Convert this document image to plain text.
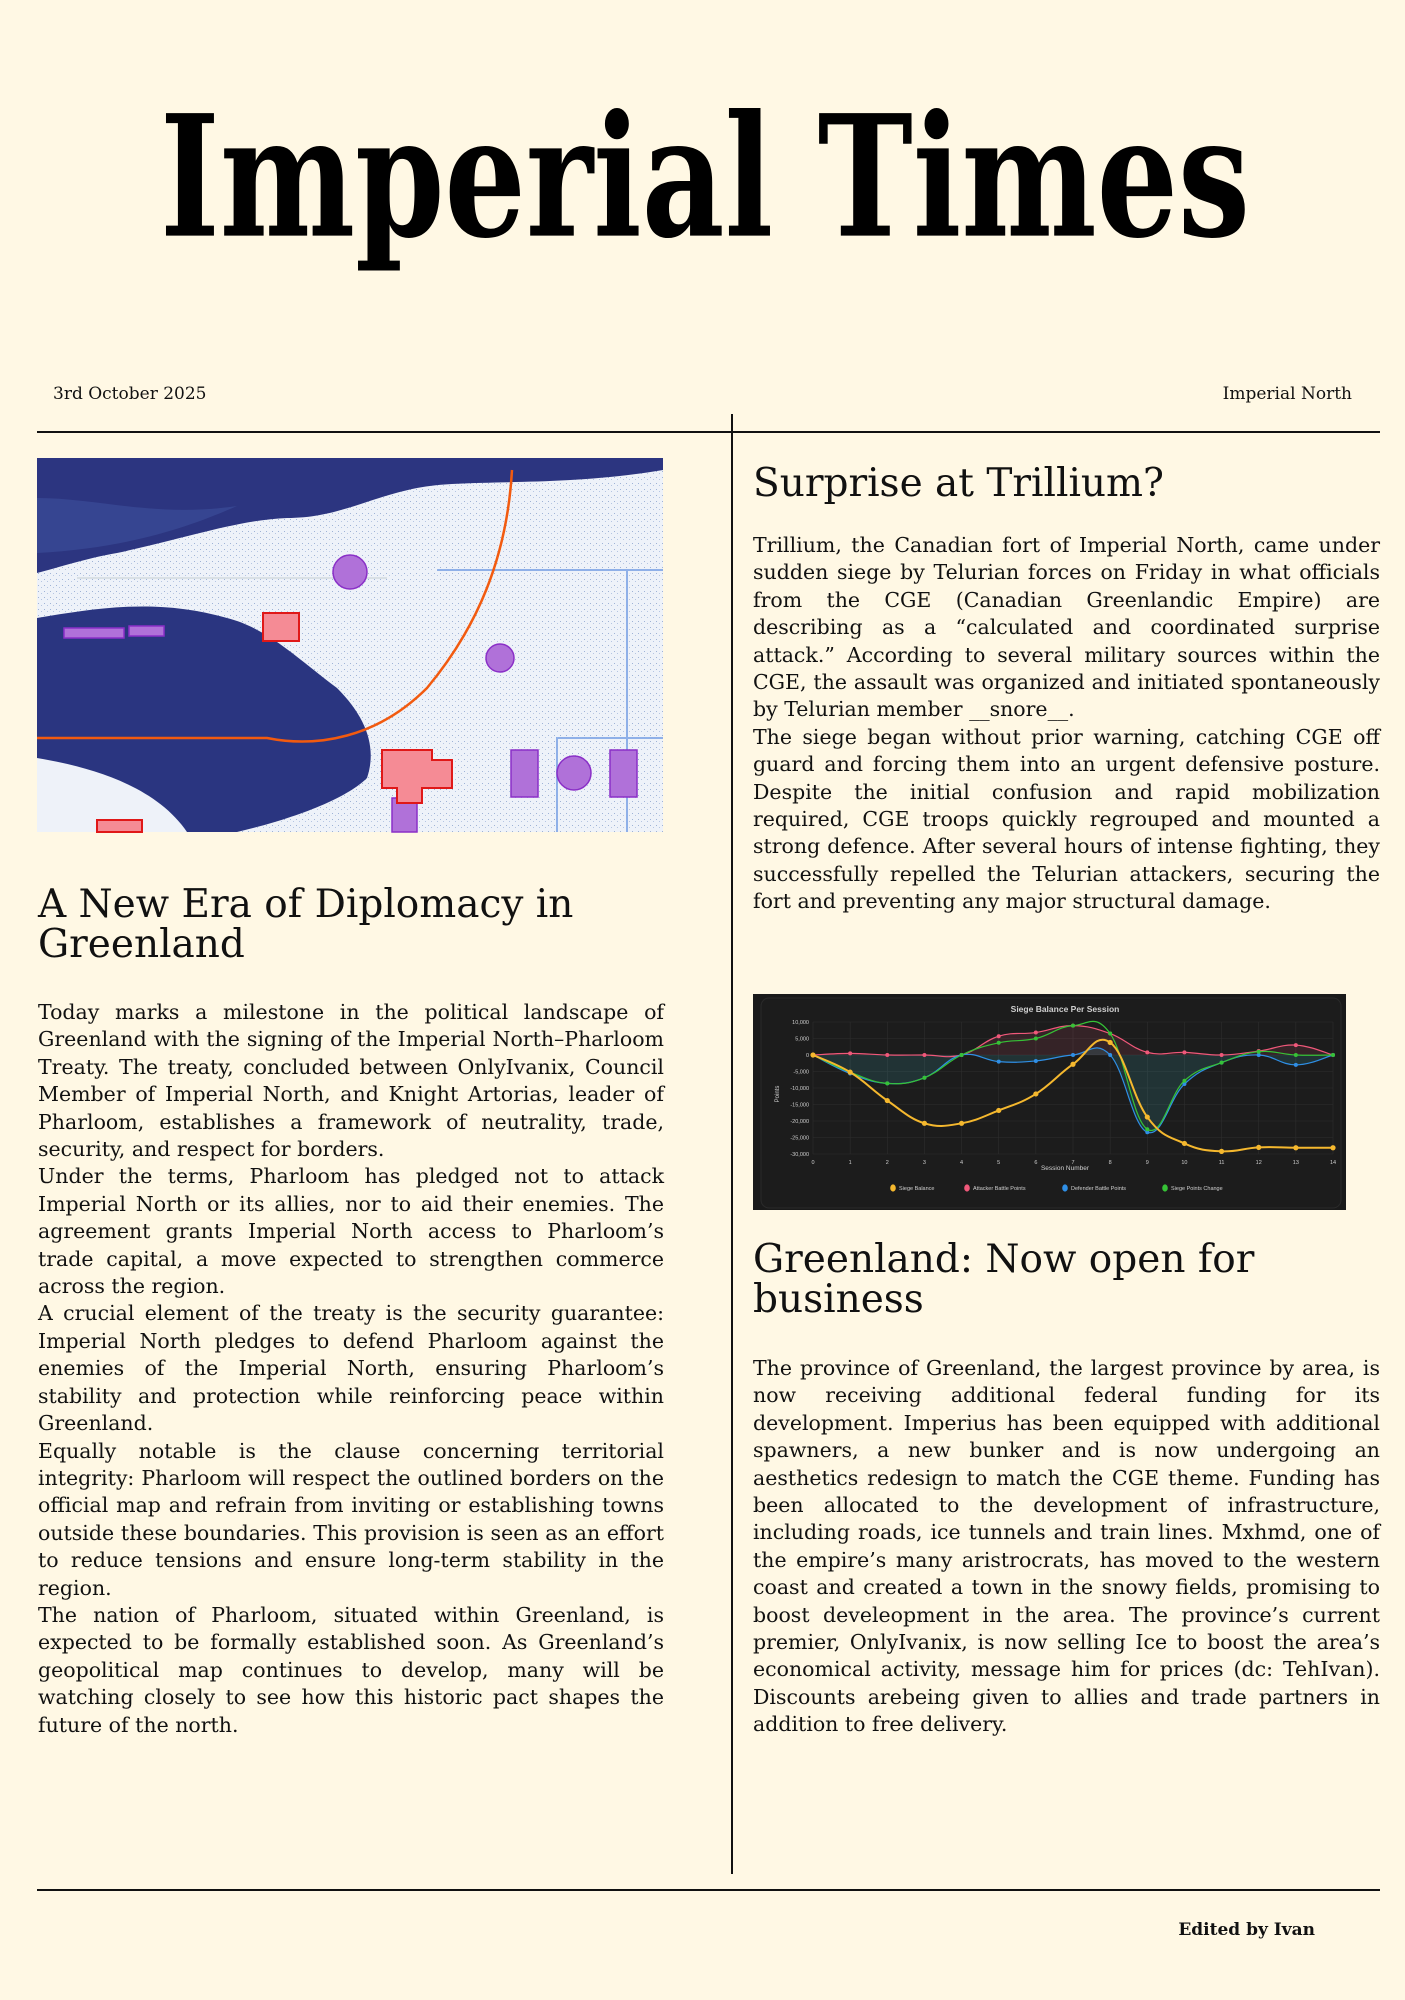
Imperial Times
3rd October 2025	Imperial North
A New Era of Diplomacy in Greenland

Today marks a milestone in the political landscape of Greenland with the signing of the Imperial North–Pharloom Treaty. The treaty, concluded between OnlyIvanix, Council Member of Imperial North, and Knight Artorias, leader of Pharloom, establishes a framework of neutrality, trade, security, and respect for borders.

Under the terms, Pharloom has pledged not to attack Imperial North or its allies, nor to aid their enemies. The agreement grants Imperial North access to Pharloom’s trade capital, a move expected to strengthen commerce across the region.

A crucial element of the treaty is the security guarantee: Imperial North pledges to defend Pharloom against the enemies of the Imperial North, ensuring Pharloom’s stability and protection while reinforcing peace within Greenland.

Equally notable is the clause concerning territorial integrity: Pharloom will respect the outlined borders on the official map and refrain from inviting or establishing towns outside these boundaries. This provision is seen as an effort to reduce tensions and ensure long-term stability in the region.

The nation of Pharloom, situated within Greenland, is expected to be formally established soon. As Greenland’s geopolitical map continues to develop, many will be watching closely to see how this historic pact shapes the future of the north.

Surprise at Trillium?

Trillium, the Canadian fort of Imperial North, came under sudden siege by Telurian forces on Friday in what officials from the CGE (Canadian Greenlandic Empire) are describing as a “calculated and coordinated surprise attack.” According to several military sources within the CGE, the assault was organized and initiated spontaneously by Telurian member __snore__.

The siege began without prior warning, catching CGE off guard and forcing them into an urgent defensive posture. Despite the initial confusion and rapid mobilization required, CGE troops quickly regrouped and mounted a strong defence. After several hours of intense fighting, they successfully repelled the Telurian attackers, securing the fort and preventing any major structural damage.

Siege Balance Per Session
10,000
5,000
0
-5,000
-10,000
-15,000
-20,000
-25,000
-30,000
0	1	2	3	4	5	6	7	8	9	10	11	12	13	14
Session Number
Points
Siege Balance	Attacker Battle Points	Defender Battle Points	Siege Points Change
Greenland: Now open for business

The province of Greenland, the largest province by area, is now receiving additional federal funding for its development. Imperius has been equipped with additional spawners, a new bunker and is now undergoing an aesthetics redesign to match the CGE theme. Funding has been allocated to the development of infrastructure, including roads, ice tunnels and train lines. Mxhmd, one of the empire’s many aristrocrats, has moved to the western coast and created a town in the snowy fields, promising to boost develeopment in the area. The province’s current premier, OnlyIvanix, is now selling Ice to boost the area’s economical activity, message him for prices (dc: TehIvan). Discounts arebeing given to allies and trade partners in addition to free delivery.

Edited by Ivan
